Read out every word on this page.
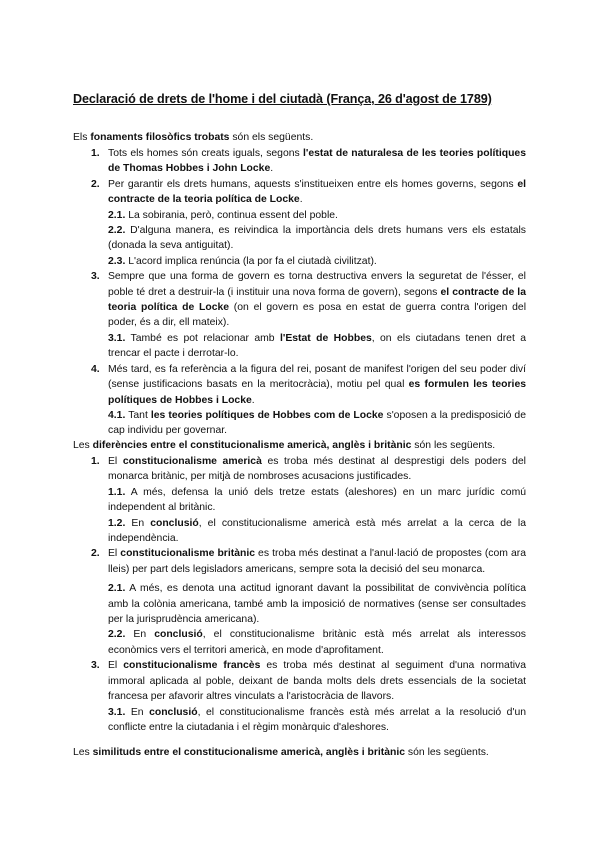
Declaració de drets de l'home i del ciutadà (França, 26 d'agost de 1789)

Els fonaments filosòfics trobats són els següents.

1. Tots els homes són creats iguals, segons l'estat de naturalesa de les teories polítiques de Thomas Hobbes i John Locke.
2. Per garantir els drets humans, aquests s'institueixen entre els homes governs, segons el contracte de la teoria política de Locke.
2.1. La sobirania, però, continua essent del poble.
2.2. D'alguna manera, es reivindica la importància dels drets humans vers els estatals (donada la seva antiguitat).
2.3. L'acord implica renúncia (la por fa el ciutadà civilitzat).
3. Sempre que una forma de govern es torna destructiva envers la seguretat de l'ésser, el poble té dret a destruir-la (i instituir una nova forma de govern), segons el contracte de la teoria política de Locke (on el govern es posa en estat de guerra contra l'origen del poder, és a dir, ell mateix).
3.1. També es pot relacionar amb l'Estat de Hobbes, on els ciutadans tenen dret a trencar el pacte i derrotar-lo.
4. Més tard, es fa referència a la figura del rei, posant de manifest l'origen del seu poder diví (sense justificacions basats en la meritocràcia), motiu pel qual es formulen les teories polítiques de Hobbes i Locke.
4.1. Tant les teories polítiques de Hobbes com de Locke s'oposen a la predisposició de cap individu per governar.

Les diferències entre el constitucionalisme americà, anglès i britànic són les següents.

1. El constitucionalisme americà es troba més destinat al desprestigi dels poders del monarca britànic, per mitjà de nombroses acusacions justificades.
1.1. A més, defensa la unió dels tretze estats (aleshores) en un marc jurídic comú independent al britànic.
1.2. En conclusió, el constitucionalisme americà està més arrelat a la cerca de la independència.
2. El constitucionalisme britànic es troba més destinat a l'anul·lació de propostes (com ara lleis) per part dels legisladors americans, sempre sota la decisió del seu monarca.
2.1. A més, es denota una actitud ignorant davant la possibilitat de convivència política amb la colònia americana, també amb la imposició de normatives (sense ser consultades per la jurisprudència americana).
2.2. En conclusió, el constitucionalisme britànic està més arrelat als interessos econòmics vers el territori americà, en mode d'aprofitament.
3. El constitucionalisme francès es troba més destinat al seguiment d'una normativa immoral aplicada al poble, deixant de banda molts dels drets essencials de la societat francesa per afavorir altres vinculats a l'aristocràcia de llavors.
3.1. En conclusió, el constitucionalisme francès està més arrelat a la resolució d'un conflicte entre la ciutadania i el règim monàrquic d'aleshores.

Les similituds entre el constitucionalisme americà, anglès i britànic són les següents.
